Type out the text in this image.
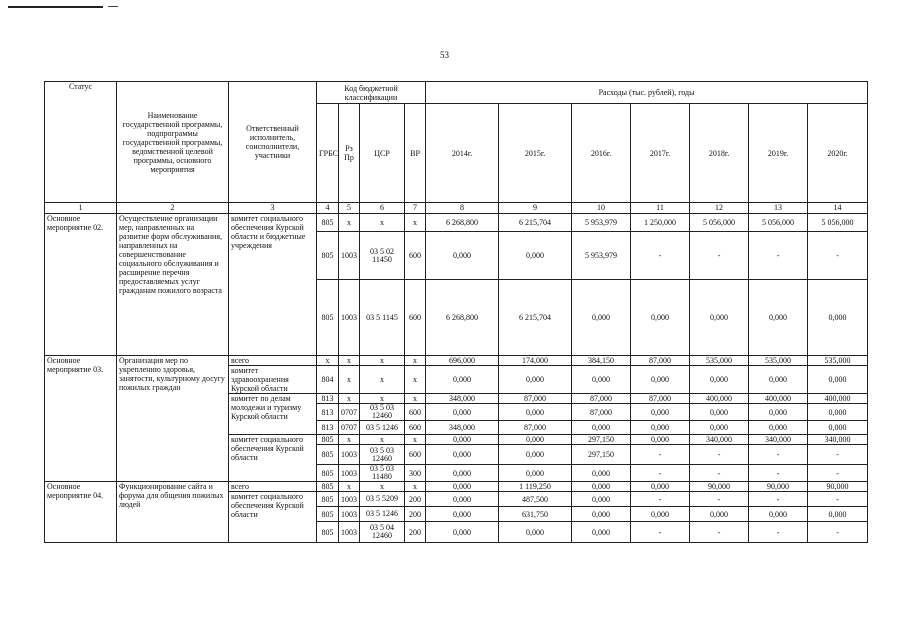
53
Статус	Наименование государственной программы, подпрограммы государственной программы, ведомственной целевой программы, основного мероприятия	Ответственный исполнитель, соисполнители, участники	Код бюджетной классификации				Расходы (тыс. рублей), годы						
			ГРБС	Рз Пр	ЦСР	ВР	2014г.	2015г.	2016г.	2017г.	2018г.	2019г.	2020г.
1	2	3	4	5	6	7	8	9	10	11	12	13	14
Основное мероприятие 02.	Осуществление организации мер, направленных на развитие форм обслуживания, направленных на совершенствование социального обслуживания и расширение перечня предоставляемых услуг гражданам пожилого возраста	комитет социального обеспечения Курской области и бюджетные учреждения	805	х	х	х	6 268,800	6 215,704	5 953,979	1 250,000	5 056,000	5 056,000	5 056,000
			805	1003	03 5 02 11450	600	0,000	0,000	5 953,979	-	-	-	-
			805	1003	03 5 1145	600	6 268,800	6 215,704	0,000	0,000	0,000	0,000	0,000
Основное мероприятие 03.	Организация мер по укреплению здоровья, занятости, культурному досугу пожилых граждан	всего	х	х	х	х	696,000	174,000	384,150	87,000	535,000	535,000	535,000
		комитет здравоохранения Курской области	804	х	х	х	0,000	0,000	0,000	0,000	0,000	0,000	0,000
		комитет по делам молодежи и туризму Курской области	813	х	х	х	348,000	87,000	87,000	87,000	400,000	400,000	400,000
			813	0707	03 5 03 12460	600	0,000	0,000	87,000	0,000	0,000	0,000	0,000
			813	0707	03 5 1246	600	348,000	87,000	0,000	0,000	0,000	0,000	0,000
		комитет социального обеспечения Курской области	805	х	х	х	0,000	0,000	297,150	0,000	340,000	340,000	340,000
			805	1003	03 5 03 12460	600	0,000	0,000	297,150	-	-	-	-
			805	1003	03 5 03 11480	300	0,000	0,000	0,000	-	-	-	-
Основное мероприятие 04.	Функционирование сайта и форума для общения пожилых людей	всего	805	х	х	х	0,000	1 119,250	0,000	0,000	90,000	90,000	90,000
		комитет социального обеспечения Курской области	805	1003	03 5 5209	200	0,000	487,500	0,000	-	-	-	-
			805	1003	03 5 1246	200	0,000	631,750	0,000	0,000	0,000	0,000	0,000
			805	1003	03 5 04 12460	200	0,000	0,000	0,000	-	-	-	-
